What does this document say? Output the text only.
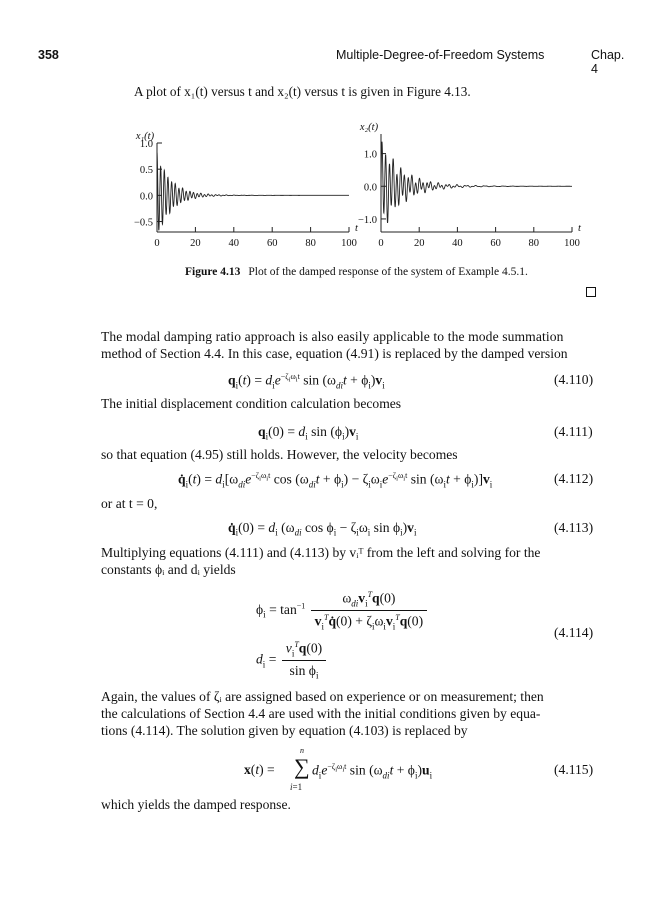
358	Multiple-Degree-of-Freedom Systems	Chap. 4
A plot of x₁(t) versus t and x₂(t) versus t is given in Figure 4.13.
0	20	40	60	80 100
1.0
0.5
0.0
−0.5
x₁(t)
t
0	20	40	60	80 100
1.0
0.0
−1.0
x₂(t)
t
Figure 4.13 Plot of the damped response of the system of Example 4.5.1.
The modal damping ratio approach is also easily applicable to the mode summation
method of Section 4.4. In this case, equation (4.91) is replaced by the damped version
$q_i(t) = d_ie^{-\zeta_i\omega_it}$ $\sin (\omega_{di}t + \phi_i)v_i$	(4.110)
The initial displacement condition calculation becomes
$q_i(0) = d_i$ $\sin (\phi_i)v_i$	(4.111)
so that equation (4.95) still holds. However, the velocity becomes
$q̇_i(t) = d_i[\omega_{di}e^{-\zeta_i\omega_it}$ $\cos (\omega_{di}t + \phi_i) - \zeta_i\omega_ie^{-\zeta_i\omega_it}$ $\sin (\omega_it + \phi_i)]v_i$	(4.112)
or at t = 0,
$q̇_i(0) = d_i$ ($\omega_{di}$ $\cos \phi_i - \zeta_i\omega_i$ $\sin \phi_i)v_i$	(4.113)
Multiplying equations (4.111) and (4.113) by vᵢᵀ from the left and solving for the
constants ϕᵢ and dᵢ yields
$\phi_i = \tan^{-1} \frac{\omega_{di}v_i^Tq(0)}{v_i^Tq̇(0) + \zeta_i\omega_iv_i^Tq(0)}$
$d_i = \frac{v_i^Tq(0)}{\sin \phi_i}$
(4.114)
Again, the values of ζᵢ are assigned based on experience or on measurement; then
the calculations of Section 4.4 are used with the initial conditions given by equa-
tions (4.114). The solution given by equation (4.103) is replaced by
x(t) =
n
∑
i=1
$d_ie^{-\zeta_i\omega_it}$ $\sin (\omega_{di}t + \phi_i)u_i$	(4.115)
which yields the damped response.
